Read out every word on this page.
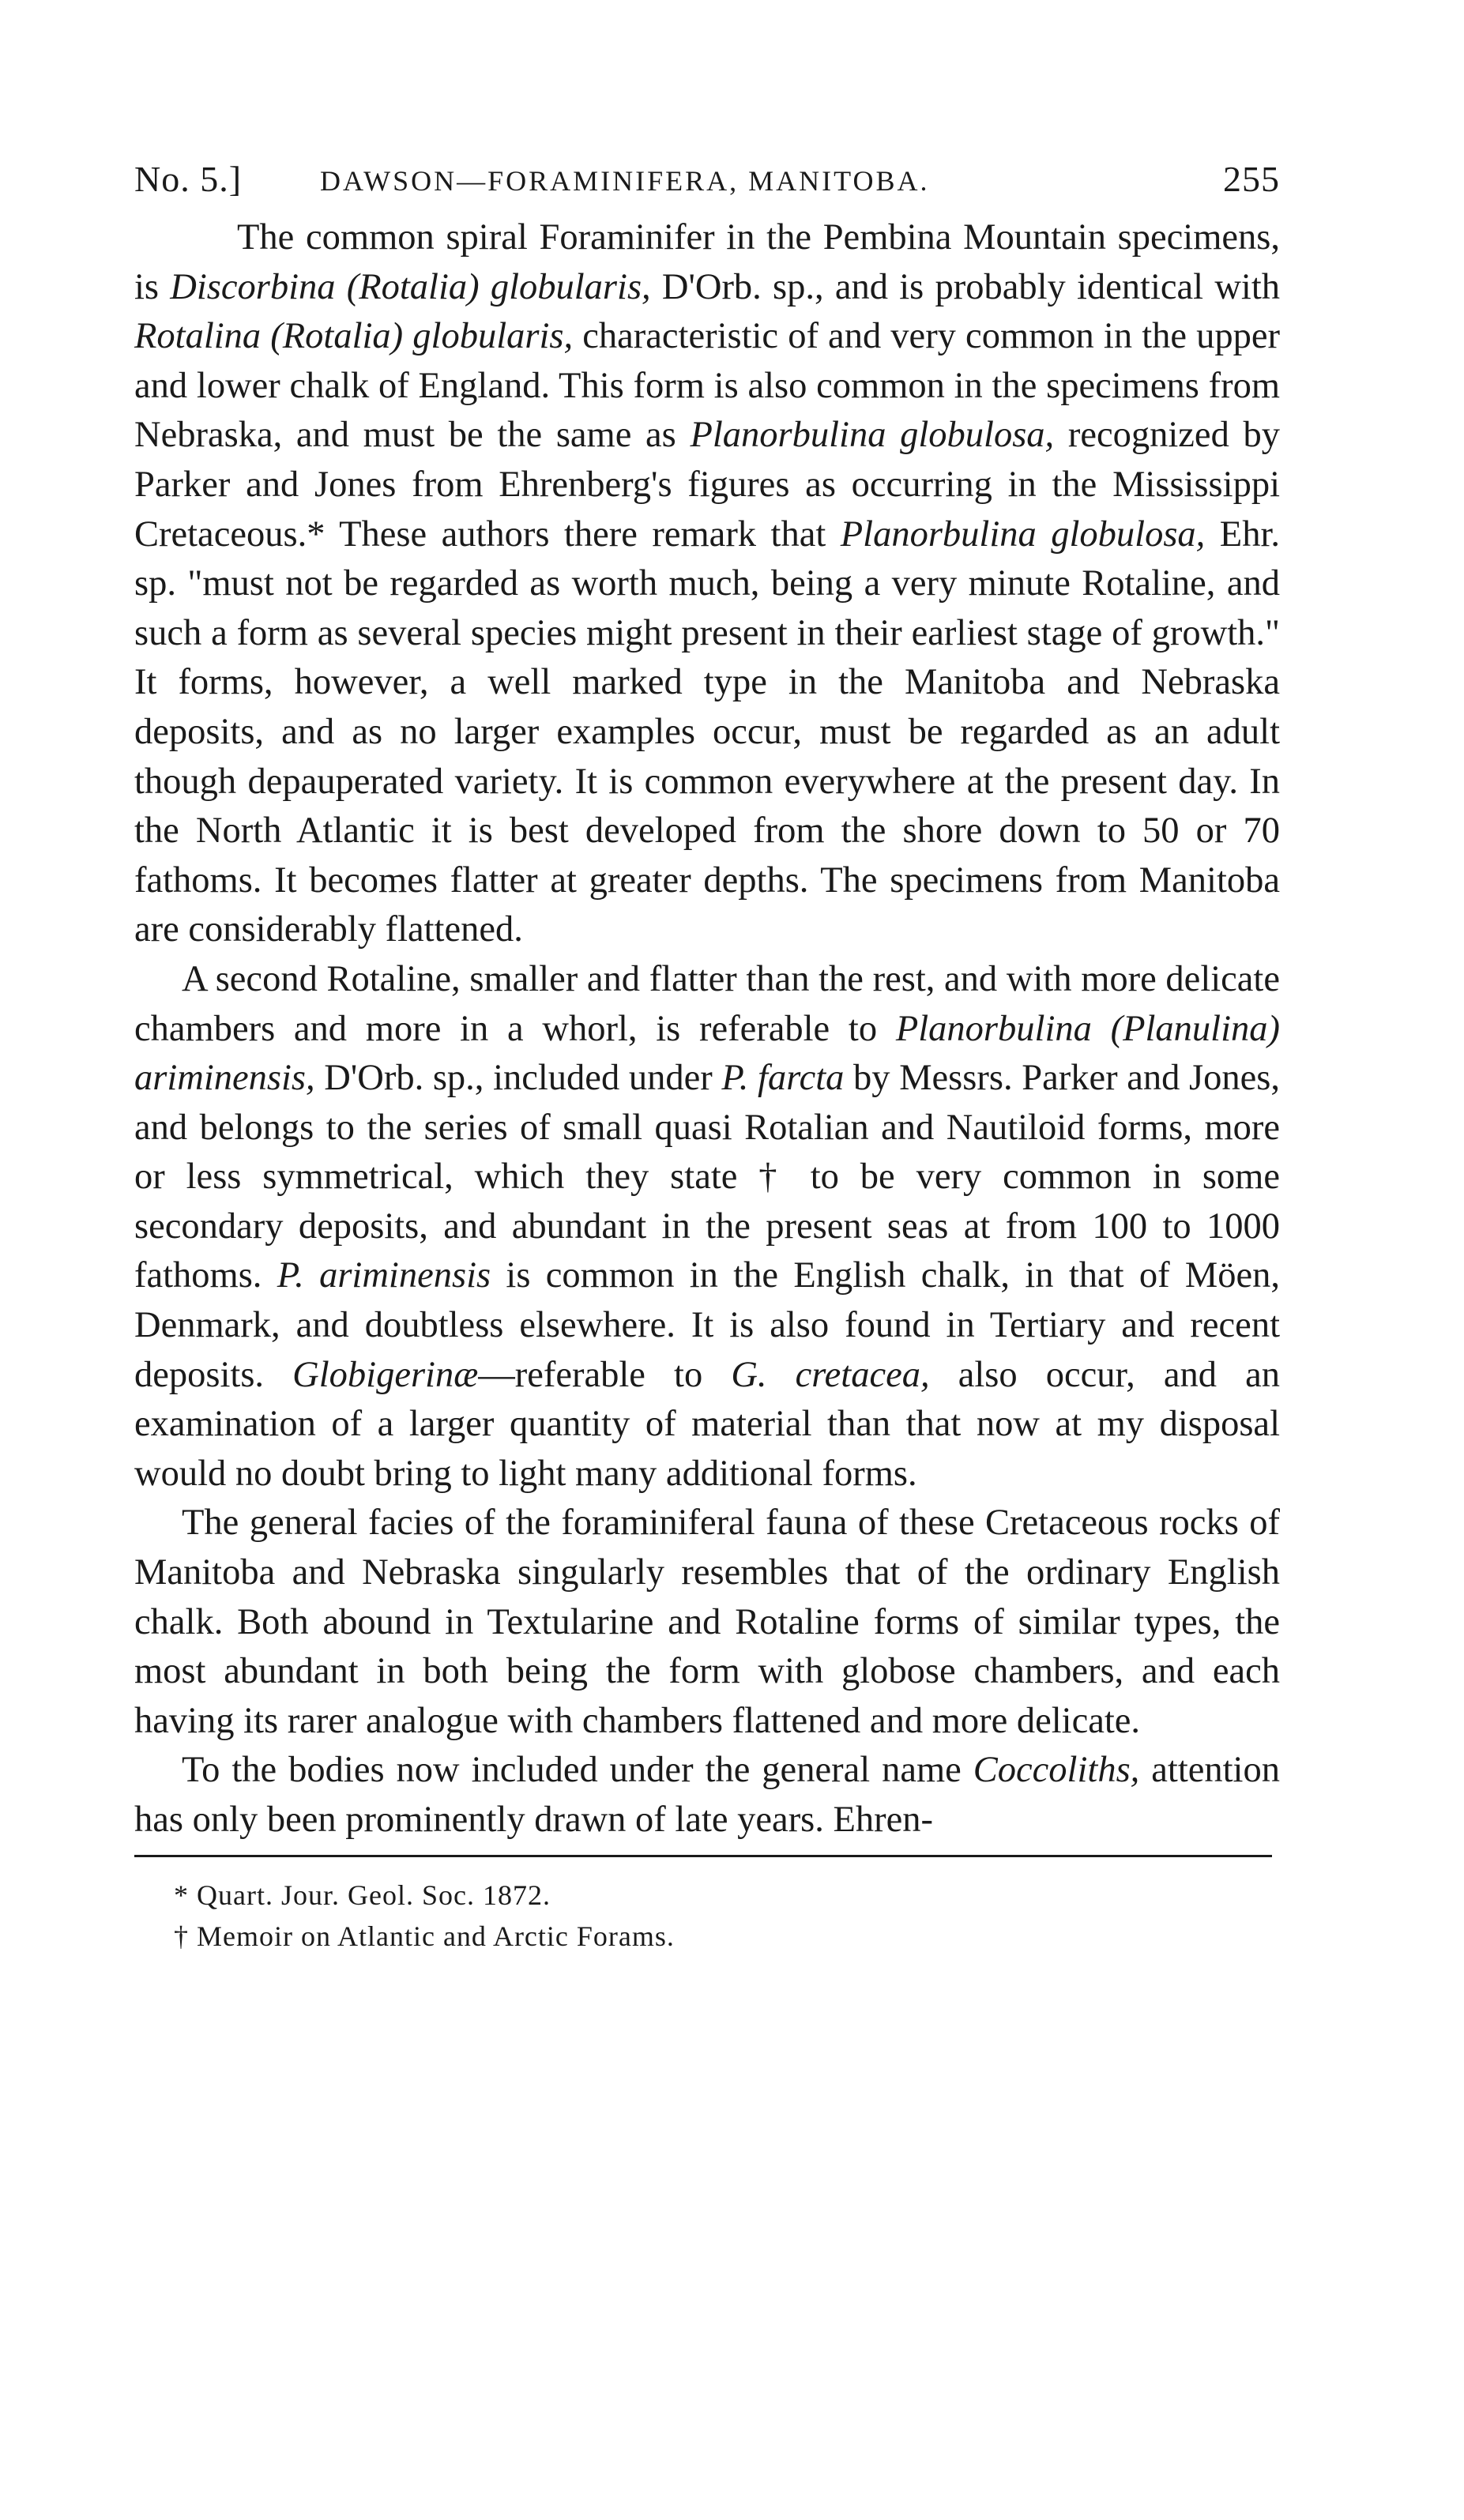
No. 5.]	DAWSON—FORAMINIFERA, MANITOBA.	255

The common spiral Foraminifer in the Pembina Mountain specimens, is Discorbina (Rotalia) globularis, D'Orb. sp., and is probably identical with Rotalina (Rotalia) globularis, characteristic of and very common in the upper and lower chalk of England. This form is also common in the specimens from Nebraska, and must be the same as Planorbulina globulosa, recognized by Parker and Jones from Ehrenberg's figures as occurring in the Mississippi Cretaceous.* These authors there remark that Planorbulina globulosa, Ehr. sp. "must not be regarded as worth much, being a very minute Rotaline, and such a form as several species might present in their earliest stage of growth." It forms, however, a well marked type in the Manitoba and Nebraska deposits, and as no larger examples occur, must be regarded as an adult though depauperated variety. It is common everywhere at the present day. In the North Atlantic it is best developed from the shore down to 50 or 70 fathoms. It becomes flatter at greater depths. The specimens from Manitoba are considerably flattened.

A second Rotaline, smaller and flatter than the rest, and with more delicate chambers and more in a whorl, is referable to Planorbulina (Planulina) ariminensis, D'Orb. sp., included under P. farcta by Messrs. Parker and Jones, and belongs to the series of small quasi Rotalian and Nautiloid forms, more or less symmetrical, which they state † to be very common in some secondary deposits, and abundant in the present seas at from 100 to 1000 fathoms. P. ariminensis is common in the English chalk, in that of Möen, Denmark, and doubtless elsewhere. It is also found in Tertiary and recent deposits. Globigerinæ—referable to G. cretacea, also occur, and an examination of a larger quantity of material than that now at my disposal would no doubt bring to light many additional forms.

The general facies of the foraminiferal fauna of these Cretaceous rocks of Manitoba and Nebraska singularly resembles that of the ordinary English chalk. Both abound in Textularine and Rotaline forms of similar types, the most abundant in both being the form with globose chambers, and each having its rarer analogue with chambers flattened and more delicate.

To the bodies now included under the general name Coccoliths, attention has only been prominently drawn of late years. Ehren-

* Quart. Jour. Geol. Soc. 1872.
† Memoir on Atlantic and Arctic Forams.
